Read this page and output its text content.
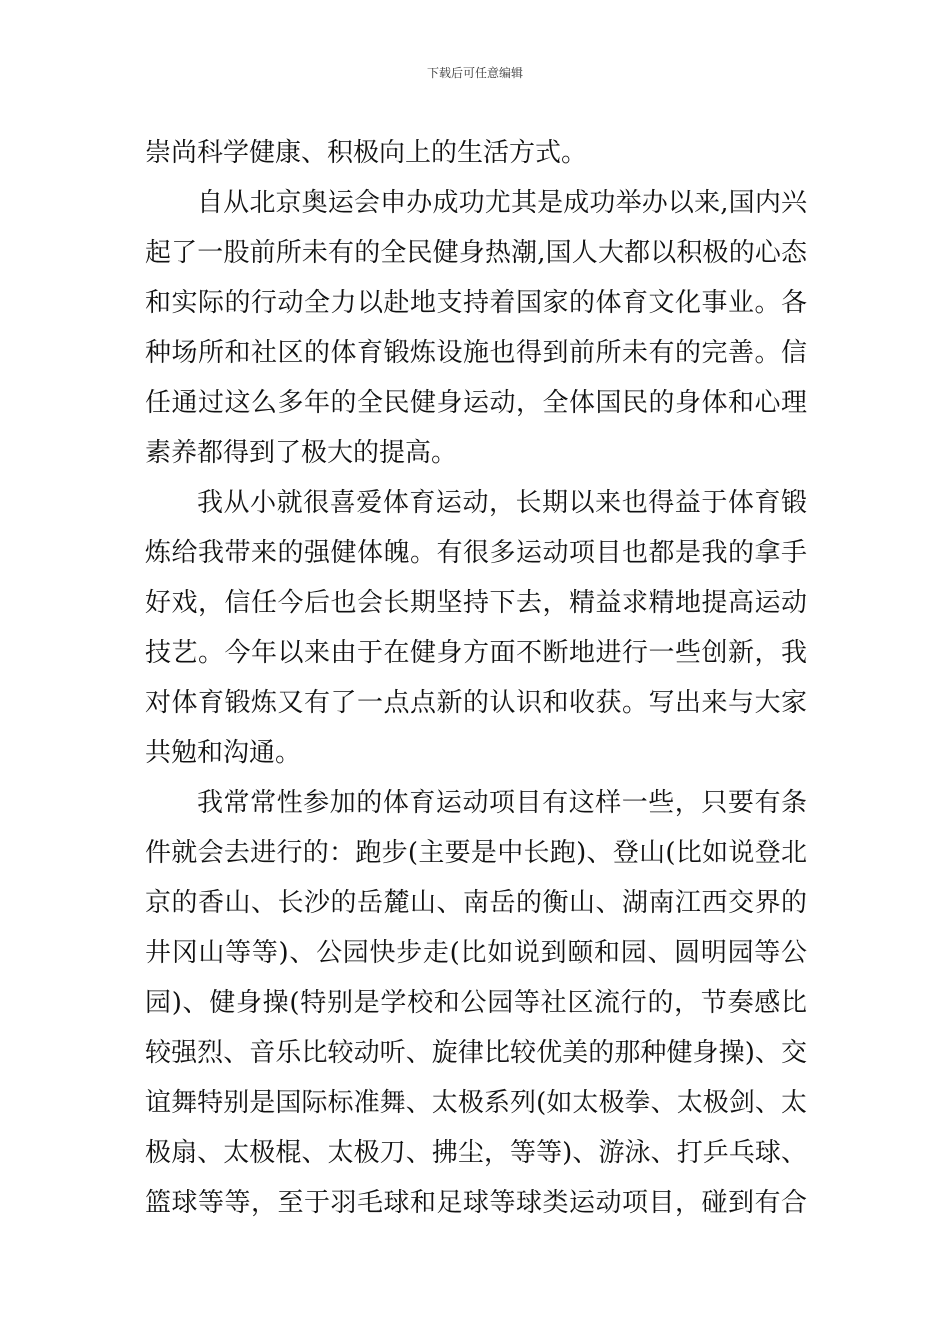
下载后可任意编辑
崇尚科学健康、积极向上的生活方式。
自从北京奥运会申办成功尤其是成功举办以来,国内兴
起了一股前所未有的全民健身热潮,国人大都以积极的心态
和实际的行动全力以赴地支持着国家的体育文化事业。各
种场所和社区的体育锻炼设施也得到前所未有的完善。信
任通过这么多年的全民健身运动，全体国民的身体和心理
素养都得到了极大的提高。
我从小就很喜爱体育运动，长期以来也得益于体育锻
炼给我带来的强健体魄。有很多运动项目也都是我的拿手
好戏，信任今后也会长期坚持下去，精益求精地提高运动
技艺。今年以来由于在健身方面不断地进行一些创新，我
对体育锻炼又有了一点点新的认识和收获。写出来与大家
共勉和沟通。
我常常性参加的体育运动项目有这样一些，只要有条
件就会去进行的：跑步(主要是中长跑)、登山(比如说登北
京的香山、长沙的岳麓山、南岳的衡山、湖南江西交界的
井冈山等等)、公园快步走(比如说到颐和园、圆明园等公
园)、健身操(特别是学校和公园等社区流行的，节奏感比
较强烈、音乐比较动听、旋律比较优美的那种健身操)、交
谊舞特别是国际标准舞、太极系列(如太极拳、太极剑、太
极扇、太极棍、太极刀、拂尘，等等)、游泳、打乒乓球、
篮球等等，至于羽毛球和足球等球类运动项目，碰到有合
